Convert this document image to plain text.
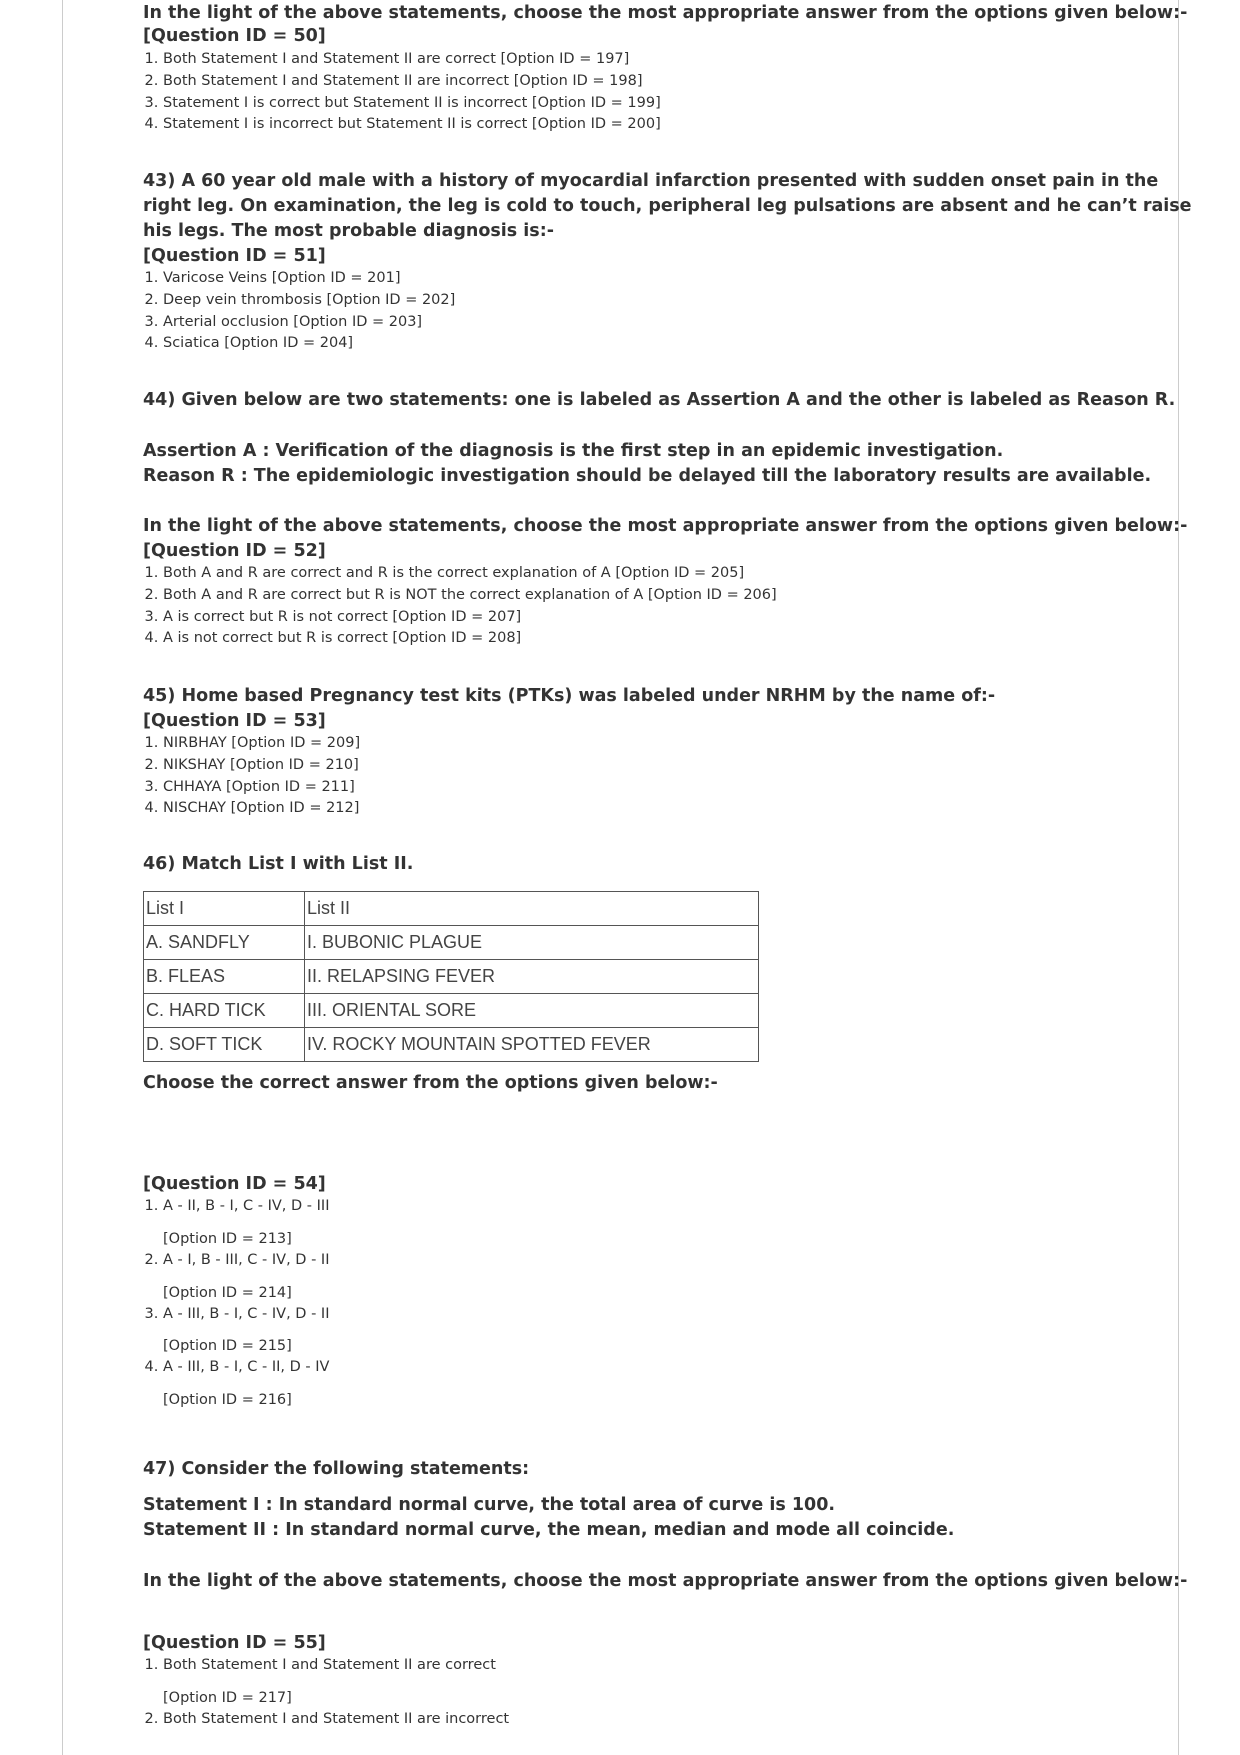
In the light of the above statements, choose the most appropriate answer from the options given below:-

[Question ID = 50]

1. Both Statement I and Statement II are correct [Option ID = 197]
2. Both Statement I and Statement II are incorrect [Option ID = 198]
3. Statement I is correct but Statement II is incorrect [Option ID = 199]
4. Statement I is incorrect but Statement II is correct [Option ID = 200]

43) A 60 year old male with a history of myocardial infarction presented with sudden onset pain in the right leg. On examination, the leg is cold to touch, peripheral leg pulsations are absent and he can’t raise his legs. The most probable diagnosis is:-

[Question ID = 51]

1. Varicose Veins [Option ID = 201]
2. Deep vein thrombosis [Option ID = 202]
3. Arterial occlusion [Option ID = 203]
4. Sciatica [Option ID = 204]

44) Given below are two statements: one is labeled as Assertion A and the other is labeled as Reason R.

Assertion A : Verification of the diagnosis is the first step in an epidemic investigation.

Reason R : The epidemiologic investigation should be delayed till the laboratory results are available.

In the light of the above statements, choose the most appropriate answer from the options given below:-

[Question ID = 52]

1. Both A and R are correct and R is the correct explanation of A [Option ID = 205]
2. Both A and R are correct but R is NOT the correct explanation of A [Option ID = 206]
3. A is correct but R is not correct [Option ID = 207]
4. A is not correct but R is correct [Option ID = 208]

45) Home based Pregnancy test kits (PTKs) was labeled under NRHM by the name of:-

[Question ID = 53]

1. NIRBHAY [Option ID = 209]
2. NIKSHAY [Option ID = 210]
3. CHHAYA [Option ID = 211]
4. NISCHAY [Option ID = 212]

46) Match List I with List II.

List I	List II
A. SANDFLY	I. BUBONIC PLAGUE
B. FLEAS	II. RELAPSING FEVER
C. HARD TICK	III. ORIENTAL SORE
D. SOFT TICK	IV. ROCKY MOUNTAIN SPOTTED FEVER

Choose the correct answer from the options given below:-

[Question ID = 54]

1. A - II, B - I, C - IV, D - III
[Option ID = 213]
2. A - I, B - III, C - IV, D - II
[Option ID = 214]
3. A - III, B - I, C - IV, D - II
[Option ID = 215]
4. A - III, B - I, C - II, D - IV
[Option ID = 216]

47) Consider the following statements:

Statement I : In standard normal curve, the total area of curve is 100.

Statement II : In standard normal curve, the mean, median and mode all coincide.

In the light of the above statements, choose the most appropriate answer from the options given below:-

[Question ID = 55]

1. Both Statement I and Statement II are correct
[Option ID = 217]
2. Both Statement I and Statement II are incorrect
